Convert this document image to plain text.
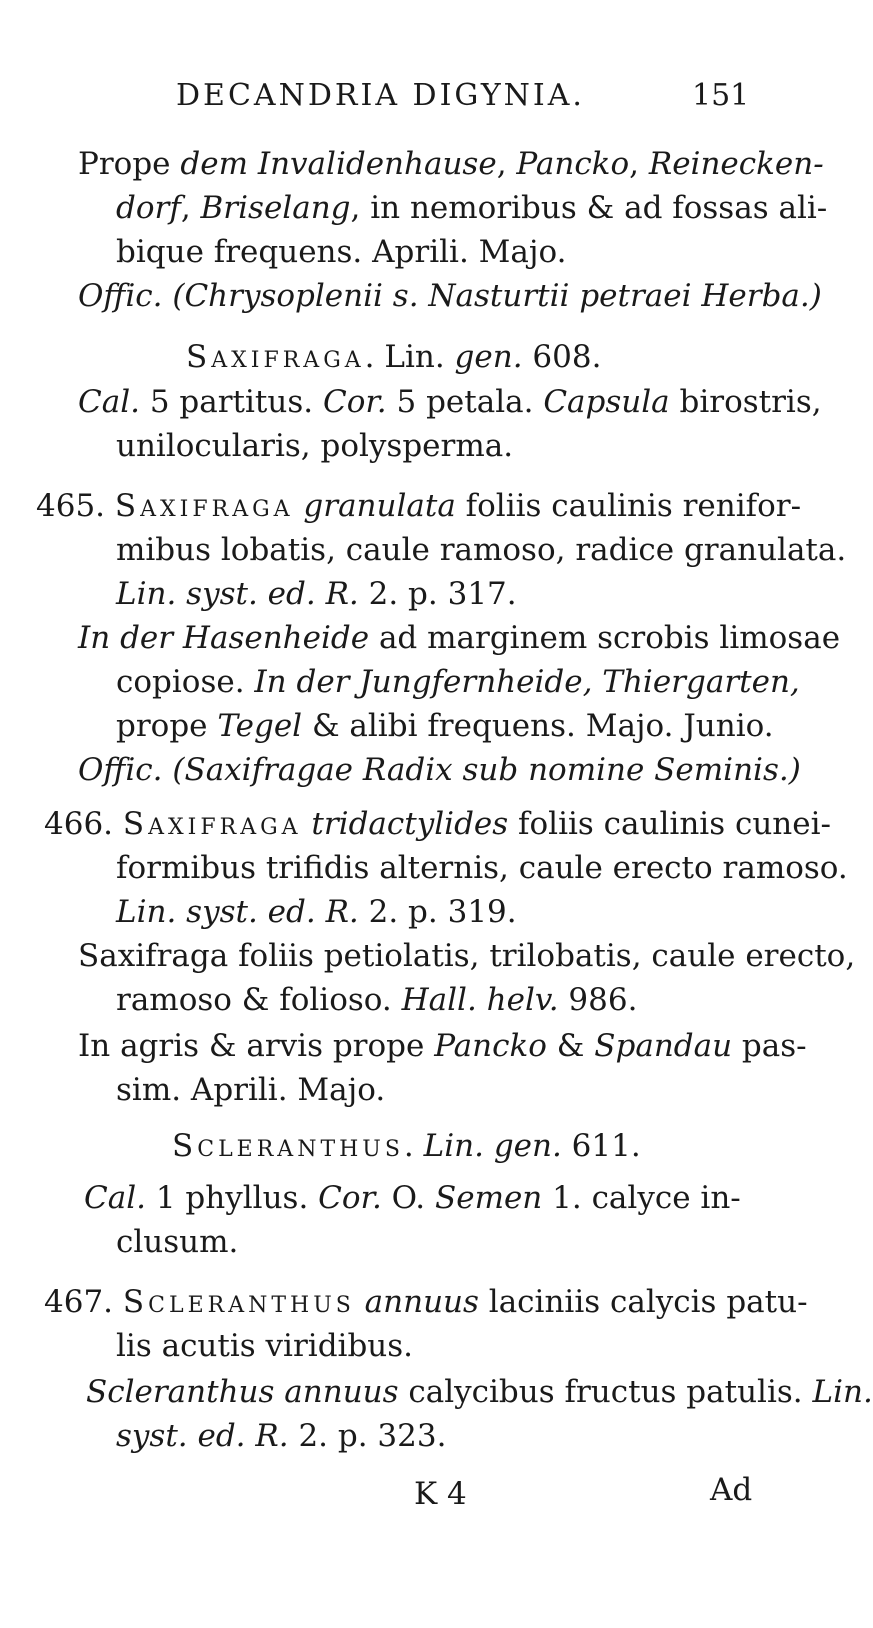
DECANDRIA DIGYNIA.	151
Prope dem Invalidenhause, Pancko, Reinecken-
dorf, Briselang, in nemoribus & ad fossas ali-
bique frequens. Aprili. Majo.
Offic. (Chrysoplenii s. Nasturtii petraei Herba.)
Saxifraga. Lin. gen. 608.
Cal. 5 partitus. Cor. 5 petala. Capsula birostris,
unilocularis, polysperma.
465. Saxifraga granulata foliis caulinis renifor-
mibus lobatis, caule ramoso, radice granulata.
Lin. syst. ed. R. 2. p. 317.
In der Hasenheide ad marginem scrobis limosae
copiose. In der Jungfernheide, Thiergarten,
prope Tegel & alibi frequens. Majo. Junio.
Offic. (Saxifragae Radix sub nomine Seminis.)
466. Saxifraga tridactylides foliis caulinis cunei-
formibus trifidis alternis, caule erecto ramoso.
Lin. syst. ed. R. 2. p. 319.
Saxifraga foliis petiolatis, trilobatis, caule erecto,
ramoso & folioso. Hall. helv. 986.
In agris & arvis prope Pancko & Spandau pas-
sim. Aprili. Majo.
Scleranthus. Lin. gen. 611.
Cal. 1 phyllus. Cor. O. Semen 1. calyce in-
clusum.
467. Scleranthus annuus laciniis calycis patu-
lis acutis viridibus.
Scleranthus annuus calycibus fructus patulis. Lin.
syst. ed. R. 2. p. 323.
K 4	Ad
